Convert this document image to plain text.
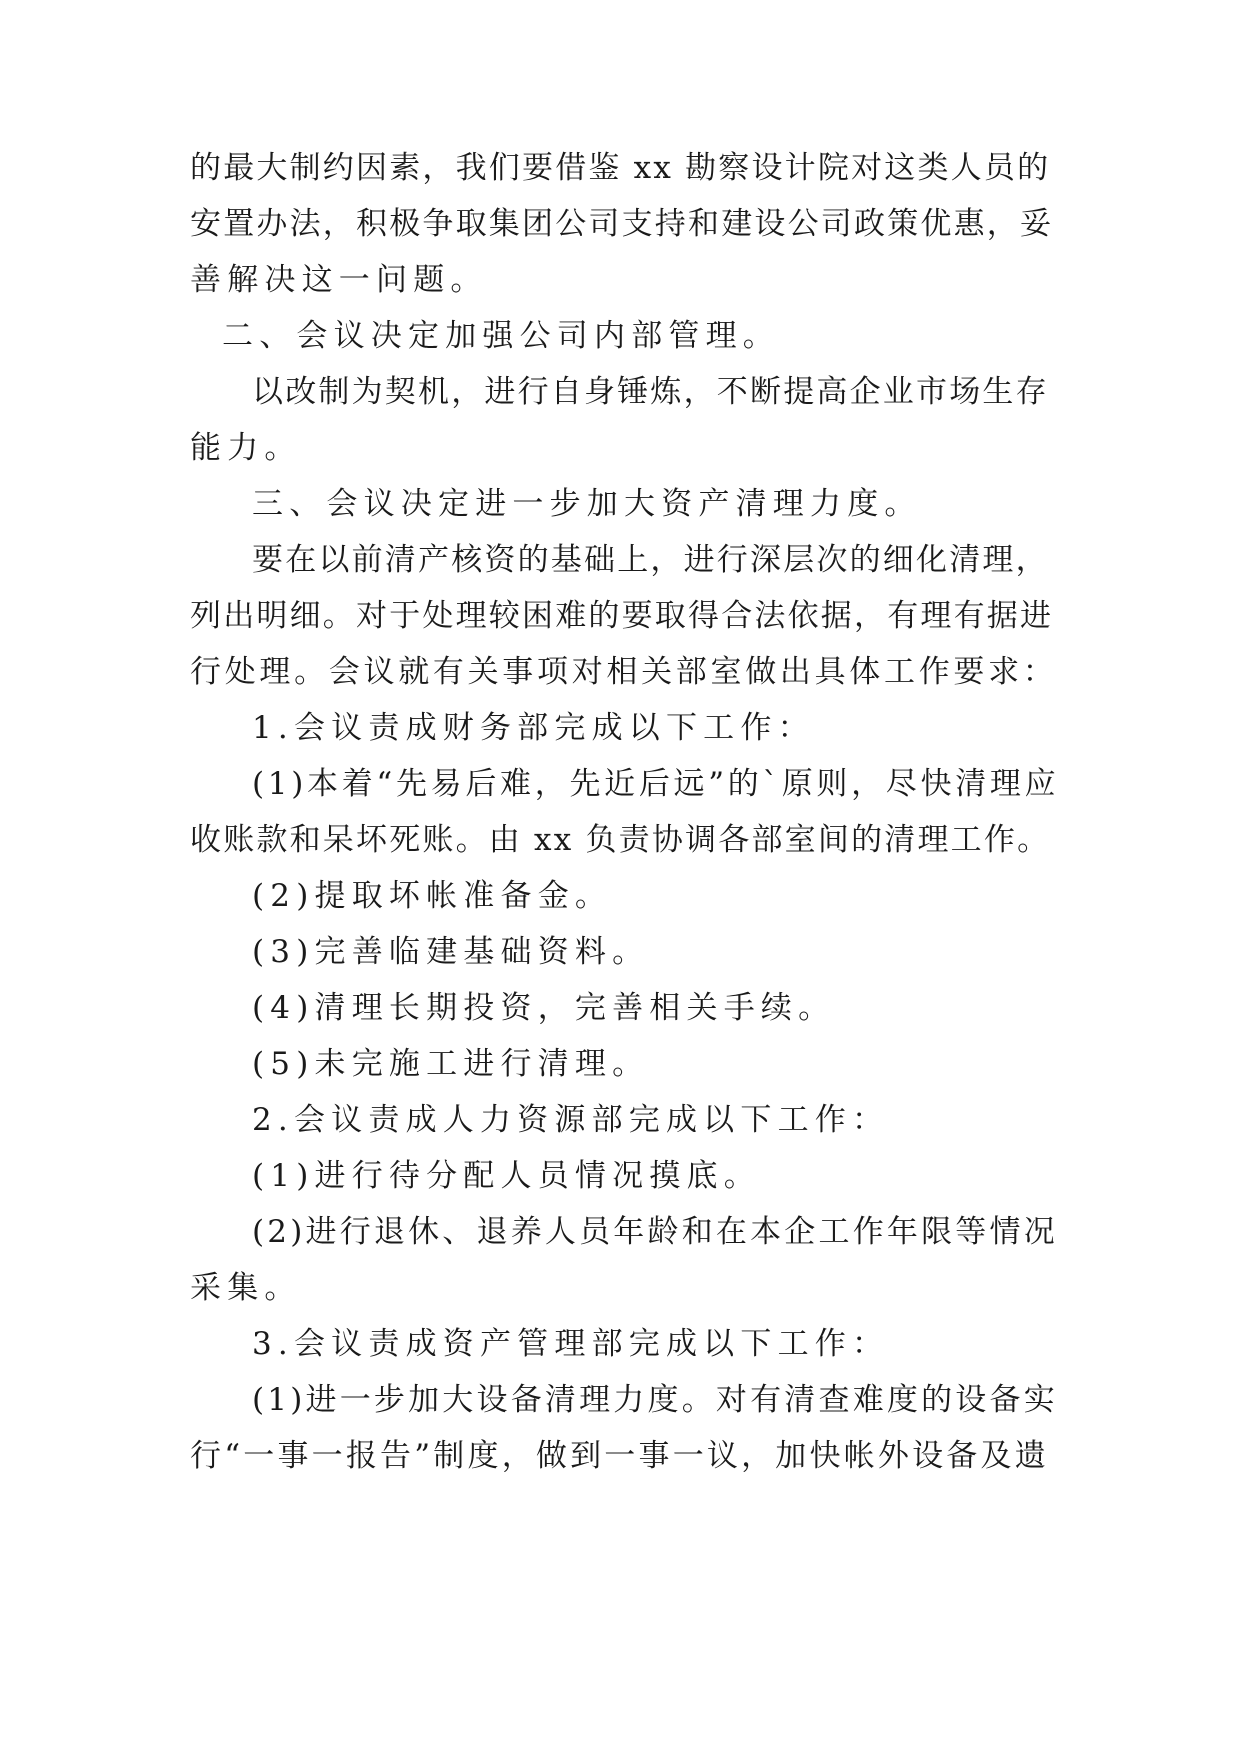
的最大制约因素，我们要借鉴 xx 勘察设计院对这类人员的
安置办法，积极争取集团公司支持和建设公司政策优惠，妥
善解决这一问题。
二、会议决定加强公司内部管理。
以改制为契机，进行自身锤炼，不断提高企业市场生存
能力。
三、会议决定进一步加大资产清理力度。
要在以前清产核资的基础上，进行深层次的细化清理，
列出明细。对于处理较困难的要取得合法依据，有理有据进
行处理。会议就有关事项对相关部室做出具体工作要求：
1.会议责成财务部完成以下工作：
(1)本着“先易后难，先近后远”的`原则，尽快清理应
收账款和呆坏死账。由 xx 负责协调各部室间的清理工作。
(2)提取坏帐准备金。
(3)完善临建基础资料。
(4)清理长期投资，完善相关手续。
(5)未完施工进行清理。
2.会议责成人力资源部完成以下工作：
(1)进行待分配人员情况摸底。
(2)进行退休、退养人员年龄和在本企工作年限等情况
采集。
3.会议责成资产管理部完成以下工作：
(1)进一步加大设备清理力度。对有清查难度的设备实
行“一事一报告”制度，做到一事一议，加快帐外设备及遗
